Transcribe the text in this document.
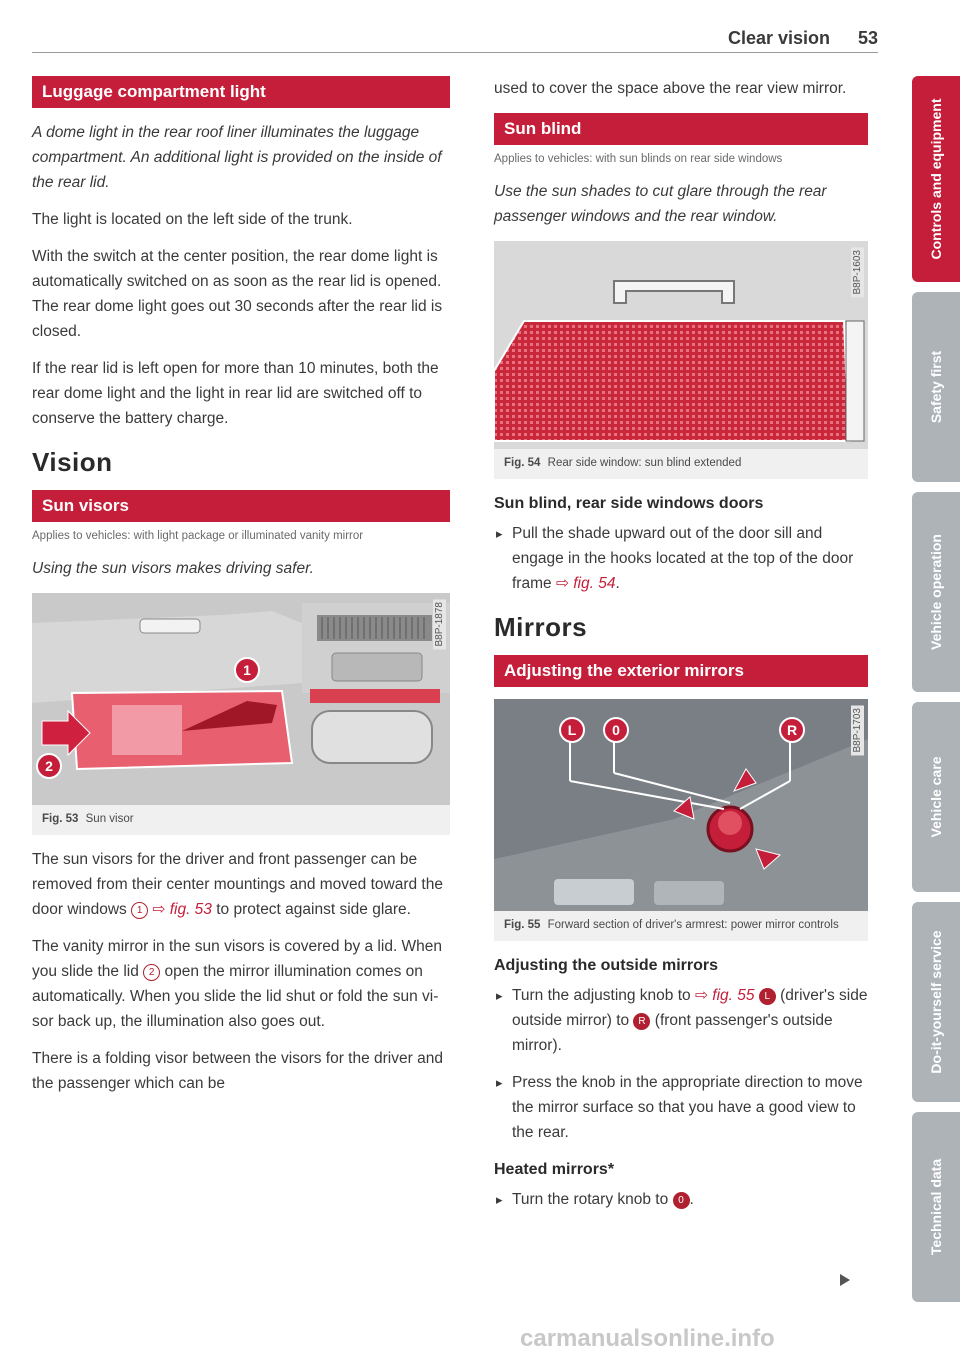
Clear vision 53
Luggage compartment light

A dome light in the rear roof liner illuminates the luggage compartment. An additional light is provided on the inside of the rear lid.

The light is located on the left side of the trunk.

With the switch at the center position, the rear dome light is automatically switched on as soon as the rear lid is opened. The rear dome light goes out 30 seconds after the rear lid is closed.

If the rear lid is left open for more than 10 minutes, both the rear dome light and the light in rear lid are switched off to conserve the battery charge.

Vision
Sun visors
Applies to vehicles: with light package or illuminated vanity mirror

Using the sun visors makes driving safer.

1
2
B8P-1878
Fig. 53 Sun visor

The sun visors for the driver and front passenger can be removed from their center mountings and moved toward the door windows 1 ⇨ fig. 53 to protect against side glare.

The vanity mirror in the sun visors is covered by a lid. When you slide the lid 2 open the mirror illumination comes on automatically. When you slide the lid shut or fold the sun visor back up, the illumination also goes out.

There is a folding visor between the visors for the driver and the passenger which can be

used to cover the space above the rear view mirror.

Sun blind
Applies to vehicles: with sun blinds on rear side windows

Use the sun shades to cut glare through the rear passenger windows and the rear window.

B8P-1603
Fig. 54 Rear side window: sun blind extended
Sun blind, rear side windows doors

▸ Pull the shade upward out of the door sill and engage in the hooks located at the top of the door frame ⇨ fig. 54.

Mirrors
Adjusting the exterior mirrors
L	0	R	B8P-1703
Fig. 55 Forward section of driver's armrest: power mirror controls
Adjusting the outside mirrors

▸ Turn the adjusting knob to ⇨ fig. 55 L (driver's side outside mirror) to R (front passenger's outside mirror).

▸ Press the knob in the appropriate direction to move the mirror surface so that you have a good view to the rear.

Heated mirrors*

▸ Turn the rotary knob to 0 .

Controls and equipment
Safety first
Vehicle operation
Vehicle care
Do-it-yourself service
Technical data
carmanualsonline.info
